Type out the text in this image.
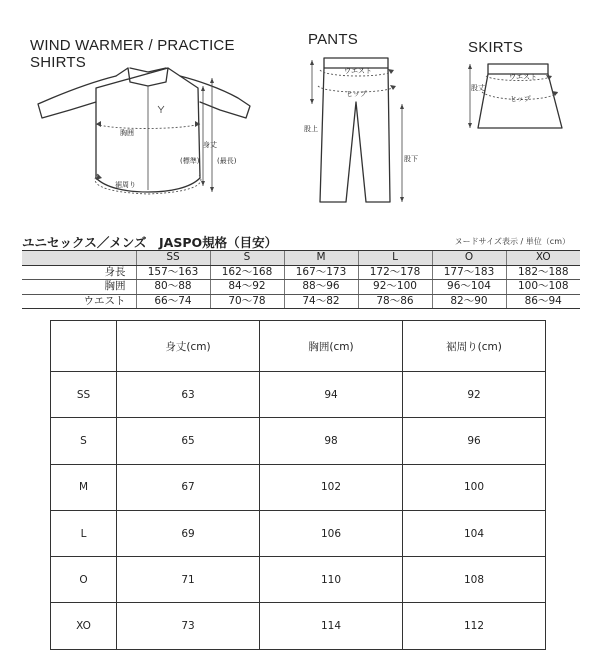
WIND WARMER / PRACTICE
SHIRTS
胸囲
身丈
(標準)	(最長)
裾周り
PANTS
ウエスト
ヒップ
股上
股下
SKIRTS
ウエスト
ヒップ
股丈
ユニセックス／メンズ　JASPO規格（目安）	ヌードサイズ表示 / 単位（cm）
	SS	S	M	L	O	XO
身長	157〜163	162〜168	167〜173	172〜178	177〜183	182〜188
胸囲	80〜88	84〜92	88〜96	92〜100	96〜104	100〜108
ウエスト	66〜74	70〜78	74〜82	78〜86	82〜90	86〜94
	身丈(cm)	胸囲(cm)	裾周り(cm)
SS	63	94	92
S	65	98	96
M	67	102	100
L	69	106	104
O	71	110	108
XO	73	114	112
